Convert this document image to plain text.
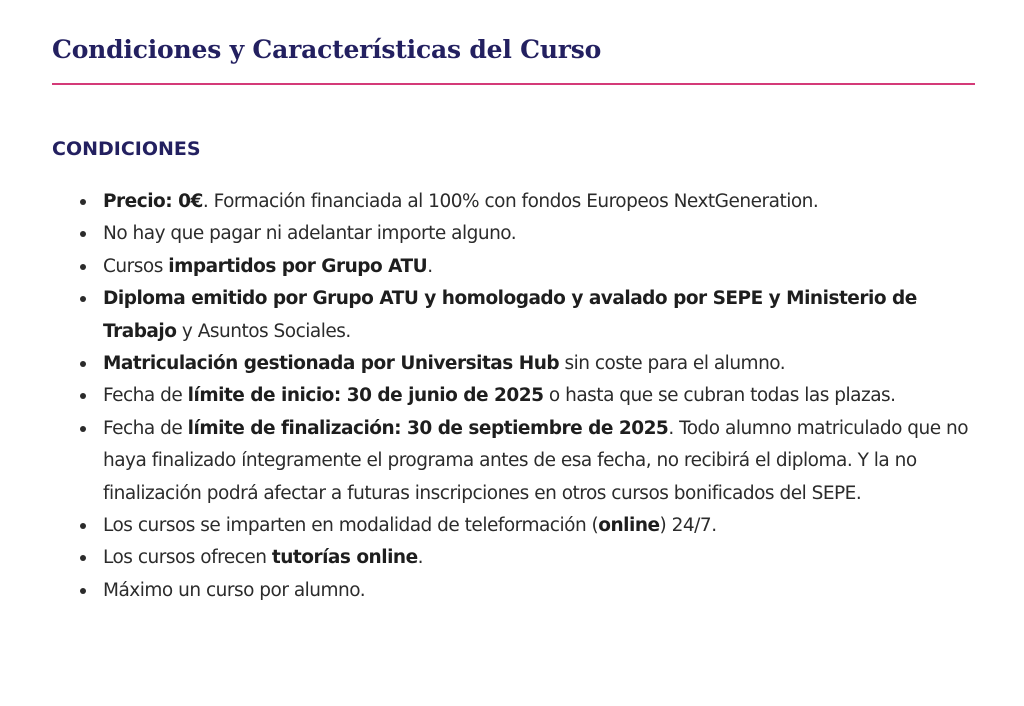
Condiciones y Características del Curso
CONDICIONES
Precio: 0€. Formación financiada al 100% con fondos Europeos NextGeneration.
No hay que pagar ni adelantar importe alguno.
Cursos impartidos por Grupo ATU.
Diploma emitido por Grupo ATU y homologado y avalado por SEPE y Ministerio de Trabajo y Asuntos Sociales.
Matriculación gestionada por Universitas Hub sin coste para el alumno.
Fecha de límite de inicio: 30 de junio de 2025 o hasta que se cubran todas las plazas.
Fecha de límite de finalización: 30 de septiembre de 2025. Todo alumno matriculado que no haya finalizado íntegramente el programa antes de esa fecha, no recibirá el diploma. Y la no finalización podrá afectar a futuras inscripciones en otros cursos bonificados del SEPE.
Los cursos se imparten en modalidad de teleformación (online) 24/7.
Los cursos ofrecen tutorías online.
Máximo un curso por alumno.
